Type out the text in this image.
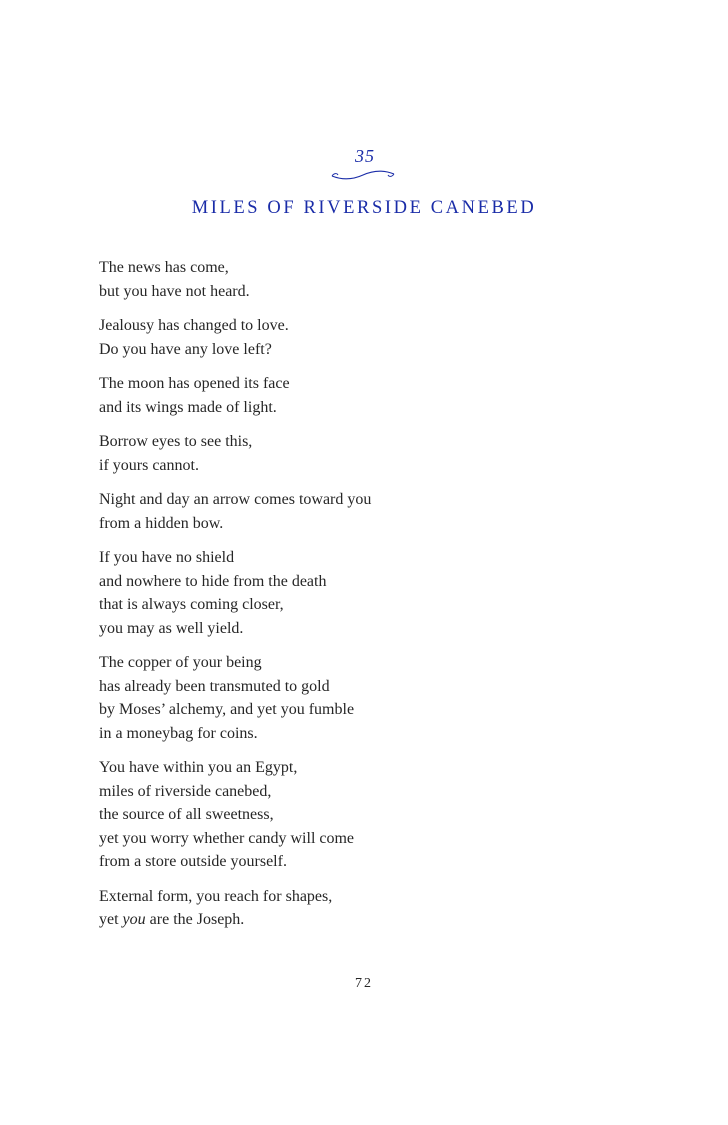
35
MILES OF RIVERSIDE CANEBED
The news has come,
but you have not heard.
Jealousy has changed to love.
Do you have any love left?
The moon has opened its face
and its wings made of light.
Borrow eyes to see this,
if yours cannot.
Night and day an arrow comes toward you
from a hidden bow.
If you have no shield
and nowhere to hide from the death
that is always coming closer,
you may as well yield.
The copper of your being
has already been transmuted to gold
by Moses’ alchemy, and yet you fumble
in a moneybag for coins.
You have within you an Egypt,
miles of riverside canebed,
the source of all sweetness,
yet you worry whether candy will come
from a store outside yourself.
External form, you reach for shapes,
yet you are the Joseph.
72
